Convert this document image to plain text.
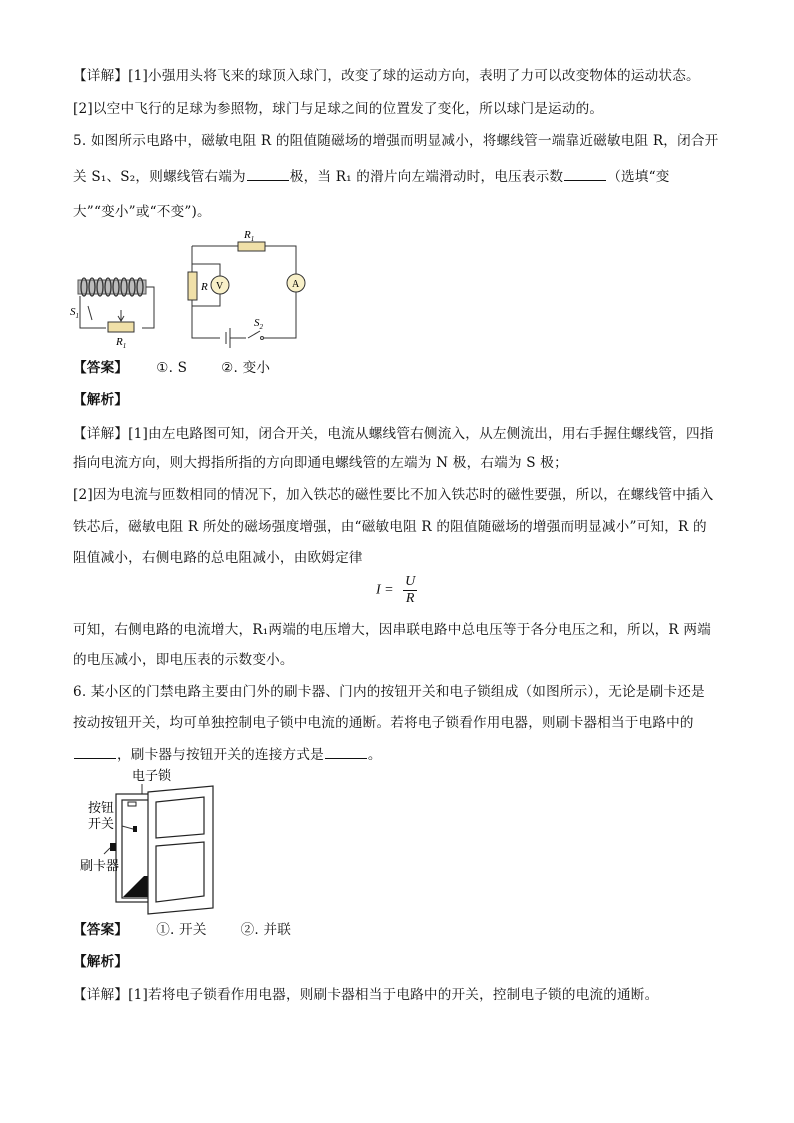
【详解】[1]小强用头将飞来的球顶入球门，改变了球的运动方向，表明了力可以改变物体的运动状态。
[2]以空中飞行的足球为参照物，球门与足球之间的位置发了变化，所以球门是运动的。
5. 如图所示电路中，磁敏电阻 R 的阻值随磁场的增强而明显减小，将螺线管一端靠近磁敏电阻 R，闭合开
关 S₁、S₂，则螺线管右端为	极，当 R₁ 的滑片向左端滑动时，电压表示数	（选填“变
大”“变小”或“不变”)。
$S_1$
$R_1$
$R_1$
R V	A
$S_2$
【答案】 ①. S	②. 变小
【解析】
【详解】[1]由左电路图可知，闭合开关，电流从螺线管右侧流入，从左侧流出，用右手握住螺线管，四指
指向电流方向，则大拇指所指的方向即通电螺线管的左端为 N 极，右端为 S 极；
[2]因为电流与匝数相同的情况下，加入铁芯的磁性要比不加入铁芯时的磁性要强，所以，在螺线管中插入
铁芯后，磁敏电阻 R 所处的磁场强度增强，由“磁敏电阻 R 的阻值随磁场的增强而明显减小”可知，R 的
阻值减小，右侧电路的总电阻减小，由欧姆定律
$I = \frac{U}{R}$
可知，右侧电路的电流增大，R₁两端的电压增大，因串联电路中总电压等于各分电压之和，所以，R 两端
的电压减小，即电压表的示数变小。
6. 某小区的门禁电路主要由门外的刷卡器、门内的按钮开关和电子锁组成（如图所示），无论是刷卡还是
按动按钮开关，均可单独控制电子锁中电流的通断。若将电子锁看作用电器，则刷卡器相当于电路中的
，刷卡器与按钮开关的连接方式是	。
电子锁
按钮
开关
刷卡器
【答案】 ①. 开关	②. 并联
【解析】
【详解】[1]若将电子锁看作用电器，则刷卡器相当于电路中的开关，控制电子锁的电流的通断。
